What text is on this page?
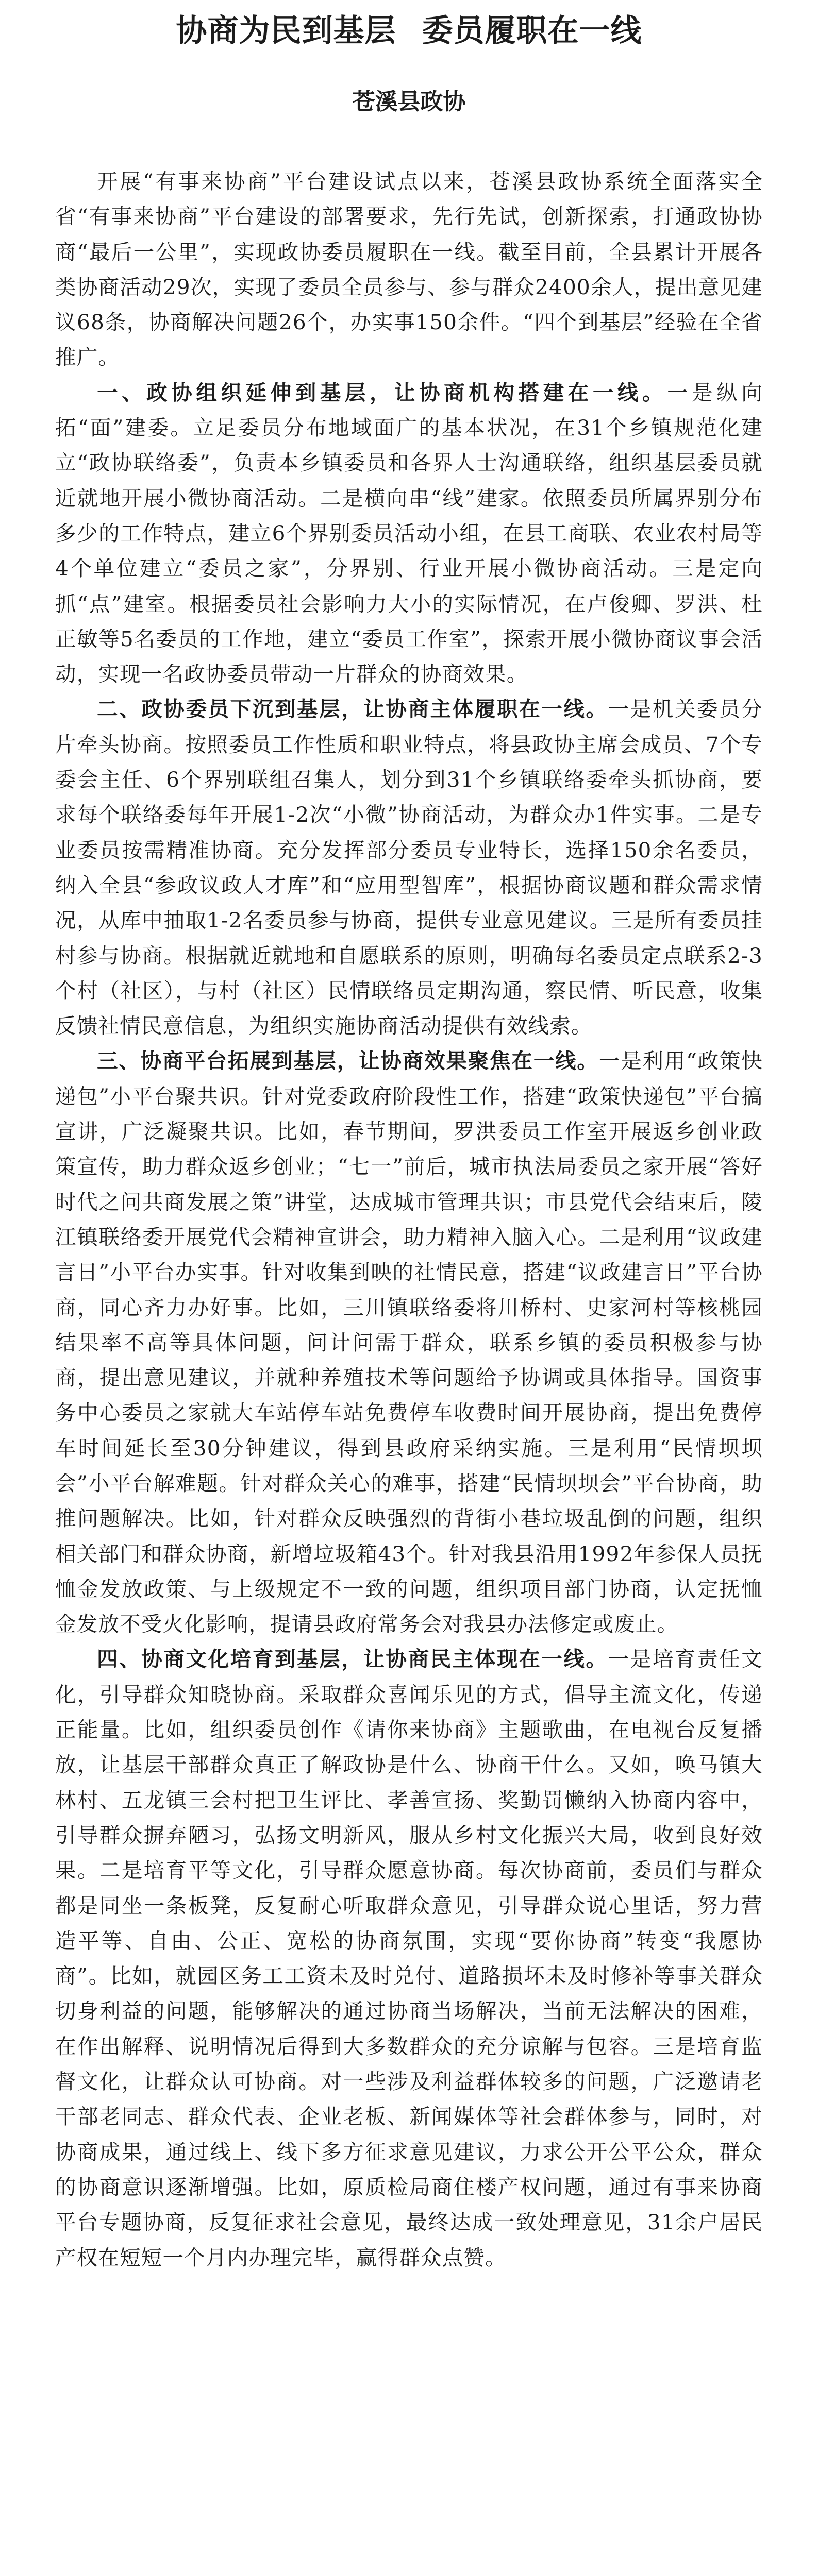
协商为民到基层 委员履职在一线
苍溪县政协

开展“有事来协商”平台建设试点以来，苍溪县政协系统全面落实全省“有事来协商”平台建设的部署要求，先行先试，创新探索，打通政协协商“最后一公里”，实现政协委员履职在一线。截至目前，全县累计开展各类协商活动29次，实现了委员全员参与、参与群众2400余人，提出意见建议68条，协商解决问题26个，办实事150余件。“四个到基层”经验在全省推广。

一、政协组织延伸到基层，让协商机构搭建在一线。一是纵向拓“面”建委。立足委员分布地域面广的基本状况，在31个乡镇规范化建立“政协联络委”，负责本乡镇委员和各界人士沟通联络，组织基层委员就近就地开展小微协商活动。二是横向串“线”建家。依照委员所属界别分布多少的工作特点，建立6个界别委员活动小组，在县工商联、农业农村局等4个单位建立“委员之家”，分界别、行业开展小微协商活动。三是定向抓“点”建室。根据委员社会影响力大小的实际情况，在卢俊卿、罗洪、杜正敏等5名委员的工作地，建立“委员工作室”，探索开展小微协商议事会活动，实现一名政协委员带动一片群众的协商效果。

二、政协委员下沉到基层，让协商主体履职在一线。一是机关委员分片牵头协商。按照委员工作性质和职业特点，将县政协主席会成员、7个专委会主任、6个界别联组召集人，划分到31个乡镇联络委牵头抓协商，要求每个联络委每年开展1-2次“小微”协商活动，为群众办1件实事。二是专业委员按需精准协商。充分发挥部分委员专业特长，选择150余名委员，纳入全县“参政议政人才库”和“应用型智库”，根据协商议题和群众需求情况，从库中抽取1-2名委员参与协商，提供专业意见建议。三是所有委员挂村参与协商。根据就近就地和自愿联系的原则，明确每名委员定点联系2-3个村（社区），与村（社区）民情联络员定期沟通，察民情、听民意，收集反馈社情民意信息，为组织实施协商活动提供有效线索。

三、协商平台拓展到基层，让协商效果聚焦在一线。一是利用“政策快递包”小平台聚共识。针对党委政府阶段性工作，搭建“政策快递包”平台搞宣讲，广泛凝聚共识。比如，春节期间，罗洪委员工作室开展返乡创业政策宣传，助力群众返乡创业；“七一”前后，城市执法局委员之家开展“答好时代之问共商发展之策”讲堂，达成城市管理共识；市县党代会结束后，陵江镇联络委开展党代会精神宣讲会，助力精神入脑入心。二是利用“议政建言日”小平台办实事。针对收集到映的社情民意，搭建“议政建言日”平台协商，同心齐力办好事。比如，三川镇联络委将川桥村、史家河村等核桃园结果率不高等具体问题，问计问需于群众，联系乡镇的委员积极参与协商，提出意见建议，并就种养殖技术等问题给予协调或具体指导。国资事务中心委员之家就大车站停车站免费停车收费时间开展协商，提出免费停车时间延长至30分钟建议，得到县政府采纳实施。三是利用“民情坝坝会”小平台解难题。针对群众关心的难事，搭建“民情坝坝会”平台协商，助推问题解决。比如，针对群众反映强烈的背街小巷垃圾乱倒的问题，组织相关部门和群众协商，新增垃圾箱43个。针对我县沿用1992年参保人员抚恤金发放政策、与上级规定不一致的问题，组织项目部门协商，认定抚恤金发放不受火化影响，提请县政府常务会对我县办法修定或废止。

四、协商文化培育到基层，让协商民主体现在一线。一是培育责任文化，引导群众知晓协商。采取群众喜闻乐见的方式，倡导主流文化，传递正能量。比如，组织委员创作《请你来协商》主题歌曲，在电视台反复播放，让基层干部群众真正了解政协是什么、协商干什么。又如，唤马镇大林村、五龙镇三会村把卫生评比、孝善宣扬、奖勤罚懒纳入协商内容中，引导群众摒弃陋习，弘扬文明新风，服从乡村文化振兴大局，收到良好效果。二是培育平等文化，引导群众愿意协商。每次协商前，委员们与群众都是同坐一条板凳，反复耐心听取群众意见，引导群众说心里话，努力营造平等、自由、公正、宽松的协商氛围，实现“要你协商”转变“我愿协商”。比如，就园区务工工资未及时兑付、道路损坏未及时修补等事关群众切身利益的问题，能够解决的通过协商当场解决，当前无法解决的困难，在作出解释、说明情况后得到大多数群众的充分谅解与包容。三是培育监督文化，让群众认可协商。对一些涉及利益群体较多的问题，广泛邀请老干部老同志、群众代表、企业老板、新闻媒体等社会群体参与，同时，对协商成果，通过线上、线下多方征求意见建议，力求公开公平公众，群众的协商意识逐渐增强。比如，原质检局商住楼产权问题，通过有事来协商平台专题协商，反复征求社会意见，最终达成一致处理意见，31余户居民产权在短短一个月内办理完毕，赢得群众点赞。
